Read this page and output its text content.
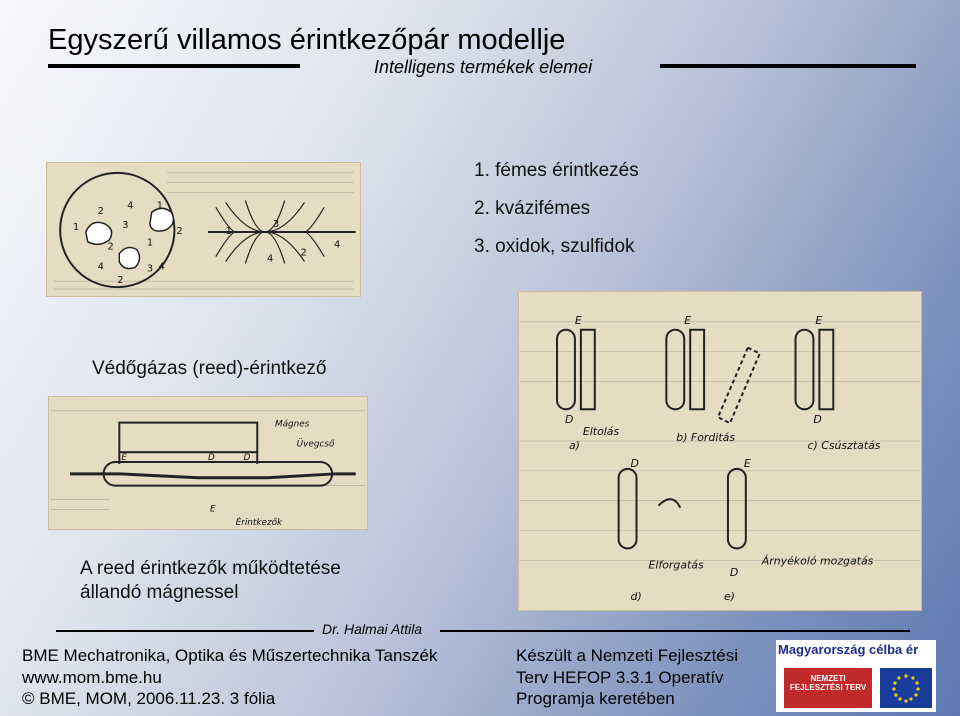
Egyszerű villamos érintkezőpár modellje
Intelligens termékek elemei
1. fémes érintkezés
2. kvázifémes
3. oxidok, szulfidok
1
2
4
3
2	1
4	3 4
1
2	1
3
2
4
4
2
Védőgázas (reed)-érintkező
Mágnes
Üvegcső
E	D	D
E
Érintkezők
A reed érintkezők működtetése
állandó mágnessel
E	E	E
D	D
Eltolás
a)
b) Forditás
c) Csúsztatás
D	E
D
Elforgatás	Árnyékoló mozgatás
d)	e)
Dr. Halmai Attila
BME Mechatronika, Optika és Műszertechnika Tanszék
www.mom.bme.hu
© BME, MOM, 2006.11.23. 3 fólia
Készült a Nemzeti Fejlesztési
Terv HEFOP 3.3.1 Operatív
Programja keretében
Magyarország célba ér
NEMZETI FEJLESZTÉSI TERV
